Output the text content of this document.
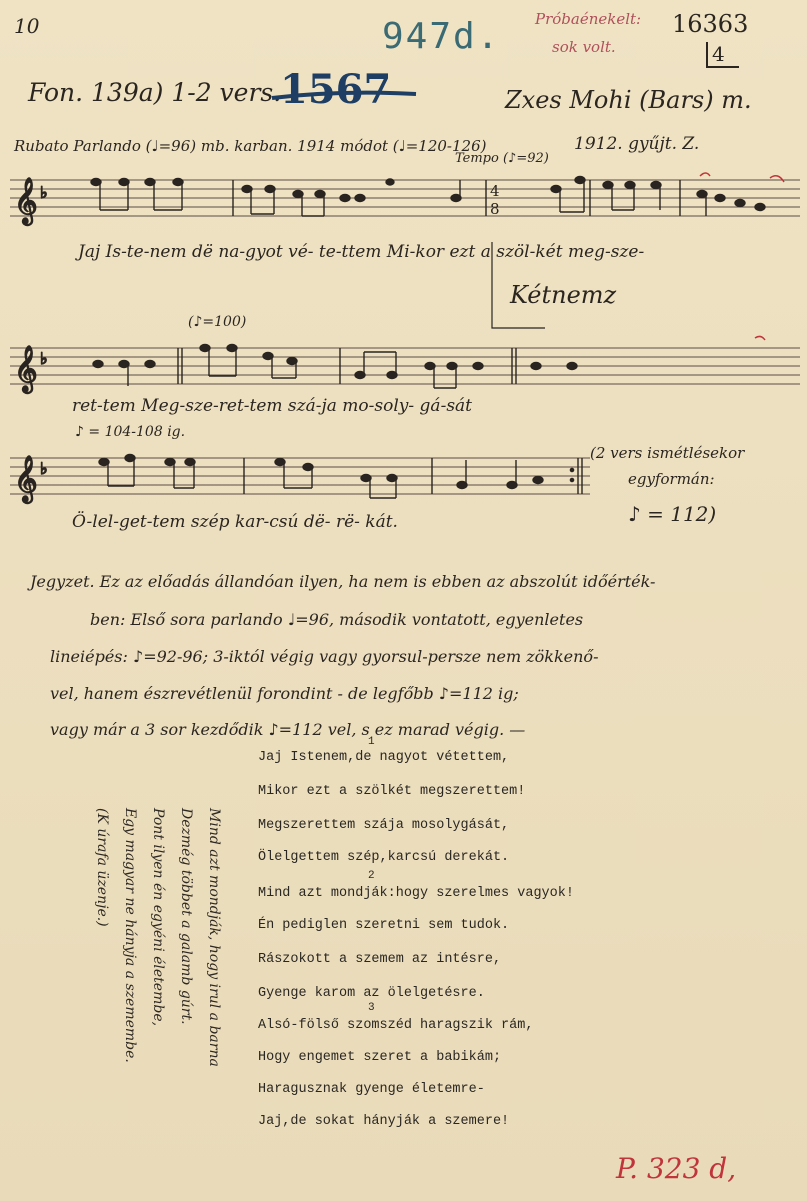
10	947d. Próbaénekelt:
sok volt.
16363
4
Fon. 139a) 1-2 vers.
1567	Zxes Mohi (Bars) m.
1912. gyűjt. Z.
Rubato Parlando (♩=96) mb. karban. 1914 módot (♩=120-126)
𝄞 ♭	4
8
Tempo (♪=92)
Jaj Is-te-nem dë na-gyot vé- te-ttem Mi-kor ezt a szöl-két meg-sze-
Kétnemz
𝄞 ♭
(♪=100)
ret-tem Meg-sze-ret-tem szá-ja mo-soly- gá-sát
♪ = 104-108 ig.
𝄞 ♭
Ö-lel-get-tem szép kar-csú dë- rë- kát.
(2 vers ismétlésekor
egyformán:
♪ = 112)
Jegyzet. Ez az előadás állandóan ilyen, ha nem is ebben az abszolút időérték-
ben: Első sora parlando ♩=96, második vontatott, egyenletes
lineiépés: ♪=92-96; 3-iktól végig vagy gyorsul-persze nem zökkenő-
vel, hanem észrevétlenül forondint - de legfőbb ♪=112 ig;
vagy már a 3 sor kezdődik ♪=112 vel, s ez marad végig. —
1
Jaj Istenem,de nagyot vétettem,
Mikor ezt a szölkét megszerettem!
Megszerettem szája mosolygását,
Ölelgettem szép,karcsú derekát.
2
Mind azt mondják:hogy szerelmes vagyok!
Én pediglen szeretni sem tudok.
Rászokott a szemem az intésre,
Gyenge karom az ölelgetésre.
3
Alsó-fölső szomszéd haragszik rám,
Hogy engemet szeret a babikám;
Haragusznak gyenge életemre-
Jaj,de sokat hányják a szemere!
Mind azt mondják, hogy irul a barna
Dezmég többet a galamb gúrt.
Pont ilyen én egyéni életembe,
Egy magyar ne hányja a szemembe.
(K úrafa üzenje.)
P. 323 d,
